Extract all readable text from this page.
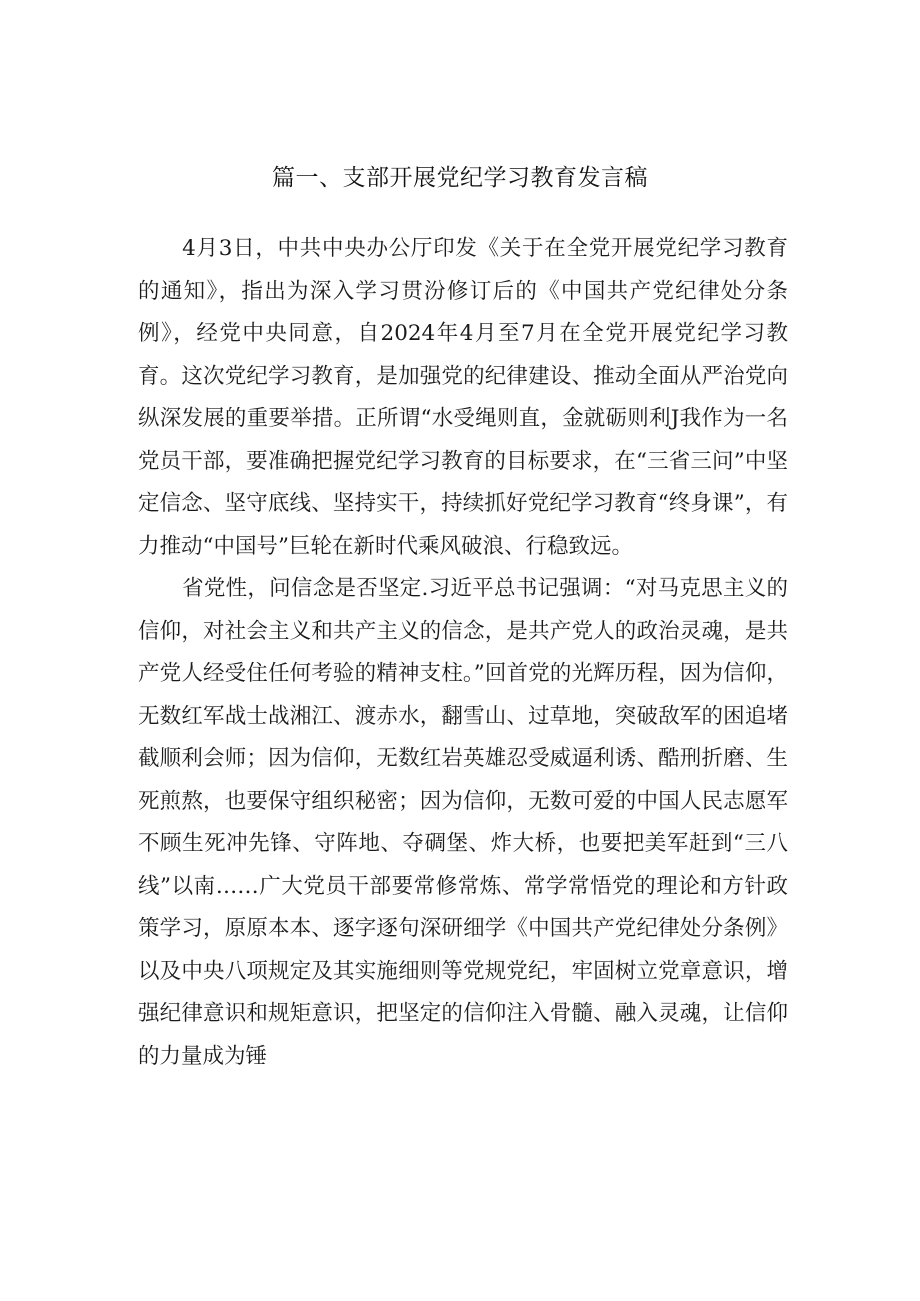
篇一、支部开展党纪学习教育发言稿

4月3日，中共中央办公厅印发《关于在全党开展党纪学习教育的通知》，指出为深入学习贯汾修订后的《中国共产党纪律处分条例》，经党中央同意，自2024年4月至7月在全党开展党纪学习教育。这次党纪学习教育，是加强党的纪律建设、推动全面从严治党向纵深发展的重要举措。正所谓“水受绳则直，金就砺则利J我作为一名党员干部，要准确把握党纪学习教育的目标要求，在“三省三问”中坚定信念、坚守底线、坚持实干，持续抓好党纪学习教育“终身课”，有力推动“中国号”巨轮在新时代乘风破浪、行稳致远。

省党性，问信念是否坚定.习近平总书记强调：“对马克思主义的信仰，对社会主义和共产主义的信念，是共产党人的政治灵魂，是共产党人经受住任何考验的精神支柱。”回首党的光辉历程，因为信仰，无数红军战士战湘江、渡赤水，翻雪山、过草地，突破敌军的困追堵截顺利会师；因为信仰，无数红岩英雄忍受威逼利诱、酷刑折磨、生死煎熬，也要保守组织秘密；因为信仰，无数可爱的中国人民志愿军不顾生死冲先锋、守阵地、夺碉堡、炸大桥，也要把美军赶到“三八线”以南……广大党员干部要常修常炼、常学常悟党的理论和方针政策学习，原原本本、逐字逐句深研细学《中国共产党纪律处分条例》以及中央八项规定及其实施细则等党规党纪，牢固树立党章意识，增强纪律意识和规矩意识，把坚定的信仰注入骨髓、融入灵魂，让信仰的力量成为锤
